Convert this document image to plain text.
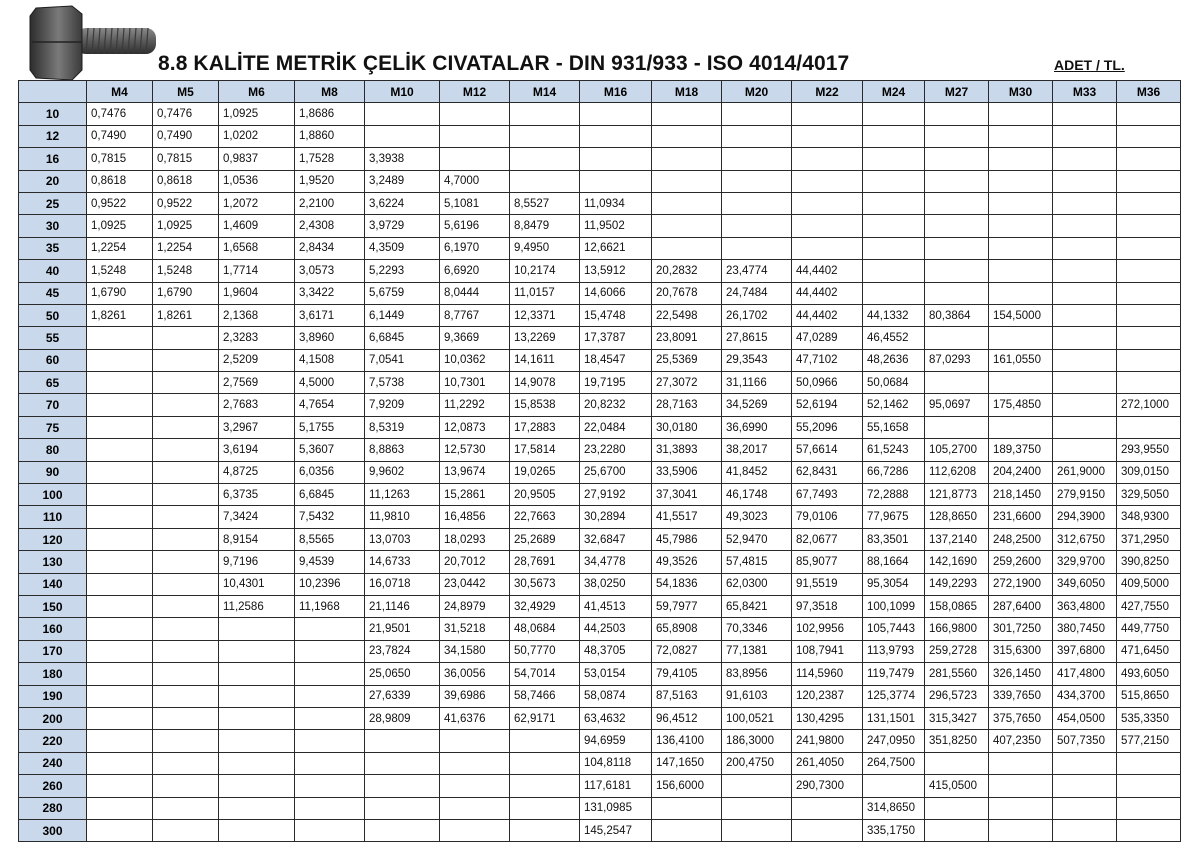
8.8 KALİTE METRİK ÇELİK CIVATALAR - DIN 931/933 - ISO 4014/4017	ADET / TL.
	M4	M5	M6	M8	M10	M12	M14	M16	M18	M20	M22	M24	M27	M30	M33	M36
10	0,7476	0,7476	1,0925	1,8686												
12	0,7490	0,7490	1,0202	1,8860												
16	0,7815	0,7815	0,9837	1,7528	3,3938											
20	0,8618	0,8618	1,0536	1,9520	3,2489	4,7000										
25	0,9522	0,9522	1,2072	2,2100	3,6224	5,1081	8,5527	11,0934								
30	1,0925	1,0925	1,4609	2,4308	3,9729	5,6196	8,8479	11,9502								
35	1,2254	1,2254	1,6568	2,8434	4,3509	6,1970	9,4950	12,6621								
40	1,5248	1,5248	1,7714	3,0573	5,2293	6,6920	10,2174	13,5912	20,2832	23,4774	44,4402					
45	1,6790	1,6790	1,9604	3,3422	5,6759	8,0444	11,0157	14,6066	20,7678	24,7484	44,4402					
50	1,8261	1,8261	2,1368	3,6171	6,1449	8,7767	12,3371	15,4748	22,5498	26,1702	44,4402	44,1332	80,3864	154,5000		
55			2,3283	3,8960	6,6845	9,3669	13,2269	17,3787	23,8091	27,8615	47,0289	46,4552				
60			2,5209	4,1508	7,0541	10,0362	14,1611	18,4547	25,5369	29,3543	47,7102	48,2636	87,0293	161,0550		
65			2,7569	4,5000	7,5738	10,7301	14,9078	19,7195	27,3072	31,1166	50,0966	50,0684				
70			2,7683	4,7654	7,9209	11,2292	15,8538	20,8232	28,7163	34,5269	52,6194	52,1462	95,0697	175,4850		272,1000
75			3,2967	5,1755	8,5319	12,0873	17,2883	22,0484	30,0180	36,6990	55,2096	55,1658				
80			3,6194	5,3607	8,8863	12,5730	17,5814	23,2280	31,3893	38,2017	57,6614	61,5243	105,2700	189,3750		293,9550
90			4,8725	6,0356	9,9602	13,9674	19,0265	25,6700	33,5906	41,8452	62,8431	66,7286	112,6208	204,2400	261,9000	309,0150
100			6,3735	6,6845	11,1263	15,2861	20,9505	27,9192	37,3041	46,1748	67,7493	72,2888	121,8773	218,1450	279,9150	329,5050
110			7,3424	7,5432	11,9810	16,4856	22,7663	30,2894	41,5517	49,3023	79,0106	77,9675	128,8650	231,6600	294,3900	348,9300
120			8,9154	8,5565	13,0703	18,0293	25,2689	32,6847	45,7986	52,9470	82,0677	83,3501	137,2140	248,2500	312,6750	371,2950
130			9,7196	9,4539	14,6733	20,7012	28,7691	34,4778	49,3526	57,4815	85,9077	88,1664	142,1690	259,2600	329,9700	390,8250
140			10,4301	10,2396	16,0718	23,0442	30,5673	38,0250	54,1836	62,0300	91,5519	95,3054	149,2293	272,1900	349,6050	409,5000
150			11,2586	11,1968	21,1146	24,8979	32,4929	41,4513	59,7977	65,8421	97,3518	100,1099	158,0865	287,6400	363,4800	427,7550
160					21,9501	31,5218	48,0684	44,2503	65,8908	70,3346	102,9956	105,7443	166,9800	301,7250	380,7450	449,7750
170					23,7824	34,1580	50,7770	48,3705	72,0827	77,1381	108,7941	113,9793	259,2728	315,6300	397,6800	471,6450
180					25,0650	36,0056	54,7014	53,0154	79,4105	83,8956	114,5960	119,7479	281,5560	326,1450	417,4800	493,6050
190					27,6339	39,6986	58,7466	58,0874	87,5163	91,6103	120,2387	125,3774	296,5723	339,7650	434,3700	515,8650
200					28,9809	41,6376	62,9171	63,4632	96,4512	100,0521	130,4295	131,1501	315,3427	375,7650	454,0500	535,3350
220								94,6959	136,4100	186,3000	241,9800	247,0950	351,8250	407,2350	507,7350	577,2150
240								104,8118	147,1650	200,4750	261,4050	264,7500				
260								117,6181	156,6000		290,7300		415,0500			
280								131,0985				314,8650				
300								145,2547				335,1750				
